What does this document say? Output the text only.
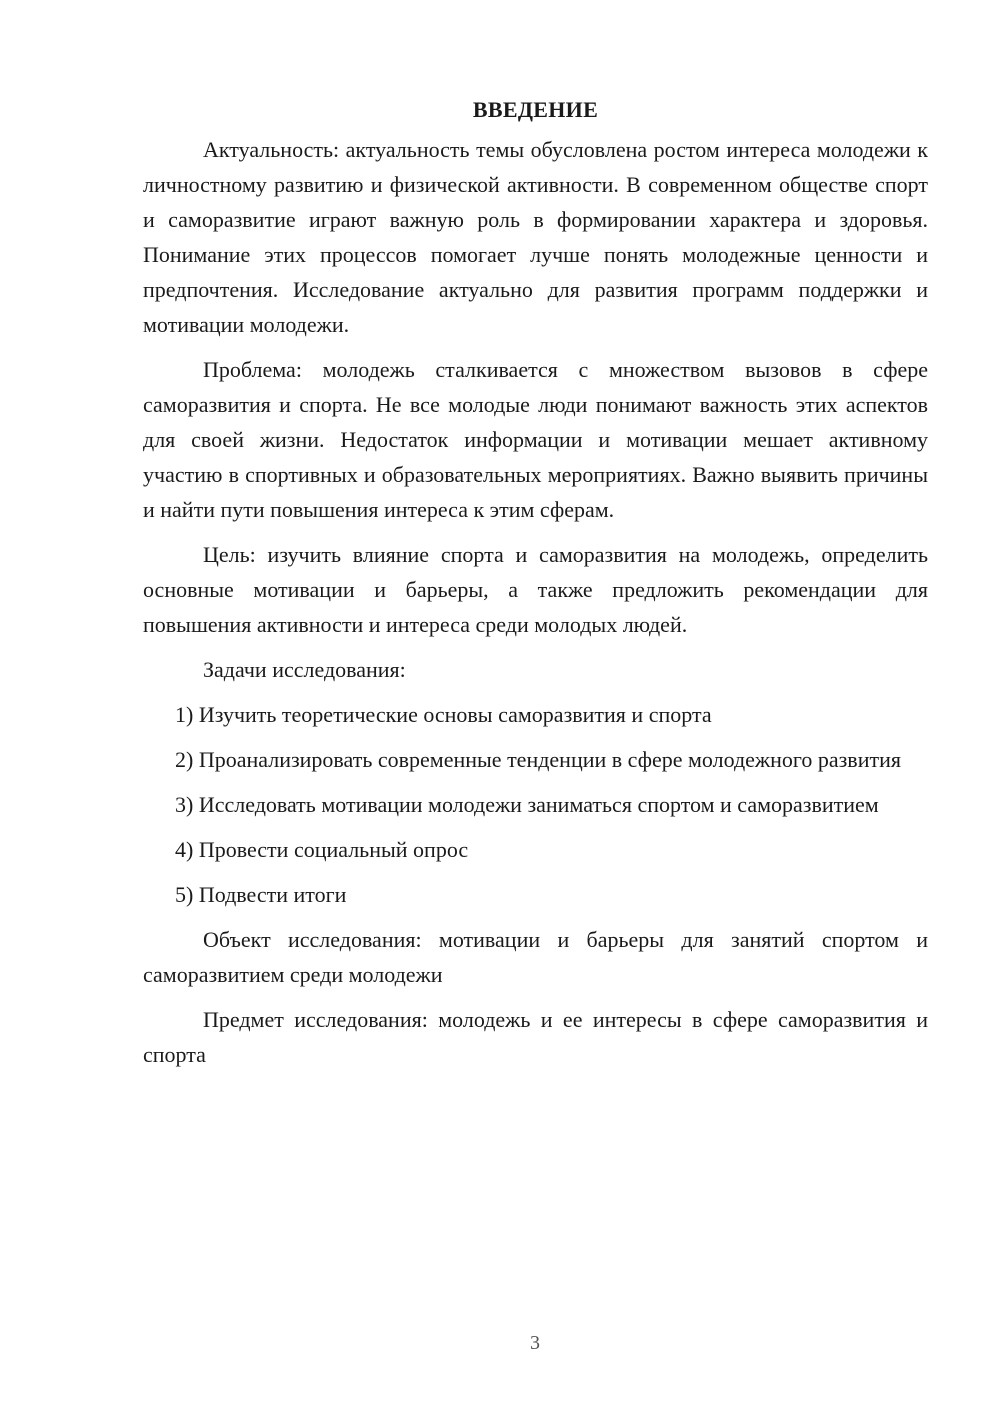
ВВЕДЕНИЕ

Актуальность: актуальность темы обусловлена ростом интереса молодежи к личностному развитию и физической активности. В современном обществе спорт и саморазвитие играют важную роль в формировании характера и здоровья. Понимание этих процессов помогает лучше понять молодежные ценности и предпочтения. Исследование актуально для развития программ поддержки и мотивации молодежи.

Проблема: молодежь сталкивается с множеством вызовов в сфере саморазвития и спорта. Не все молодые люди понимают важность этих аспектов для своей жизни. Недостаток информации и мотивации мешает активному участию в спортивных и образовательных мероприятиях. Важно выявить причины и найти пути повышения интереса к этим сферам.

Цель: изучить влияние спорта и саморазвития на молодежь, определить основные мотивации и барьеры, а также предложить рекомендации для повышения активности и интереса среди молодых людей.

Задачи исследования:

1) Изучить теоретические основы саморазвития и спорта

2) Проанализировать современные тенденции в сфере молодежного развития

3) Исследовать мотивации молодежи заниматься спортом и саморазвитием

4) Провести социальный опрос

5) Подвести итоги

Объект исследования: мотивации и барьеры для занятий спортом и саморазвитием среди молодежи

Предмет исследования: молодежь и ее интересы в сфере саморазвития и спорта

3
